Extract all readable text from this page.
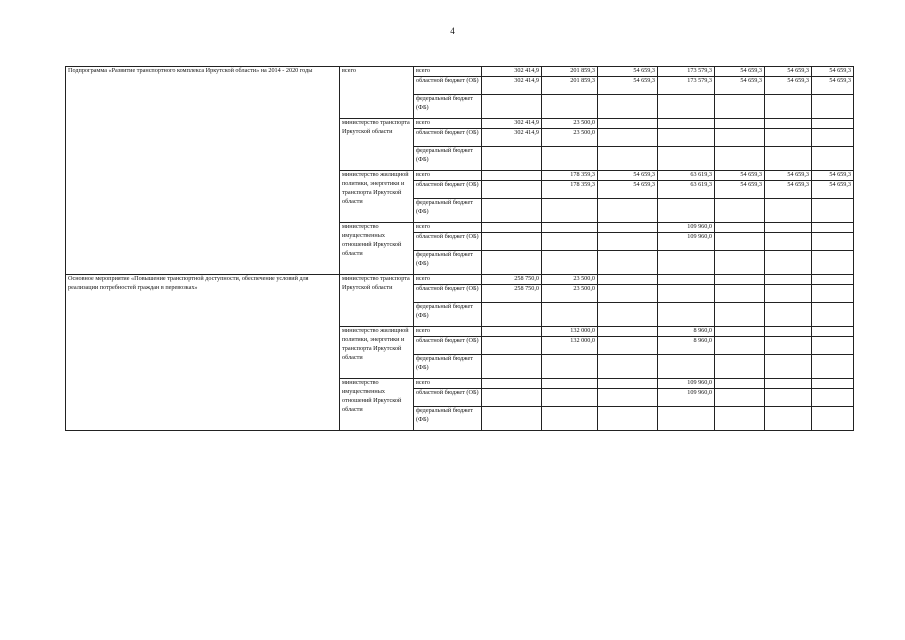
4
Подпрограмма «Развитие транспортного комплекса Иркутской области» на 2014 - 2020 годы	всего	всего	302 414,9	201 859,3	54 659,3	173 579,3	54 659,3	54 659,3	54 659,3
		областной бюджет (ОБ)	302 414,9	201 859,3	54 659,3	173 579,3	54 659,3	54 659,3	54 659,3
		федеральный бюджет (ФБ)							
	министерство транспорта Иркутской области	всего	302 414,9	23 500,0					
		областной бюджет (ОБ)	302 414,9	23 500,0					
		федеральный бюджет (ФБ)							
	министерство жилищной политики, энергетики и транспорта Иркутской области	всего		178 359,3	54 659,3	63 619,3	54 659,3	54 659,3	54 659,3
		областной бюджет (ОБ)		178 359,3	54 659,3	63 619,3	54 659,3	54 659,3	54 659,3
		федеральный бюджет (ФБ)							
	министерство имущественных отношений Иркутской области	всего				109 960,0			
		областной бюджет (ОБ)				109 960,0			
		федеральный бюджет (ФБ)							
Основное мероприятие «Повышение транспортной доступности, обеспечение условий для реализации потребностей граждан в перевозках»	министерство транспорта Иркутской области	всего	258 750,0	23 500,0					
		областной бюджет (ОБ)	258 750,0	23 500,0					
		федеральный бюджет (ФБ)							
	министерство жилищной политики, энергетики и транспорта Иркутской области	всего		132 000,0		8 960,0			
		областной бюджет (ОБ)		132 000,0		8 960,0			
		федеральный бюджет (ФБ)							
	министерство имущественных отношений Иркутской области	всего				109 960,0			
		областной бюджет (ОБ)				109 960,0			
		федеральный бюджет (ФБ)							
